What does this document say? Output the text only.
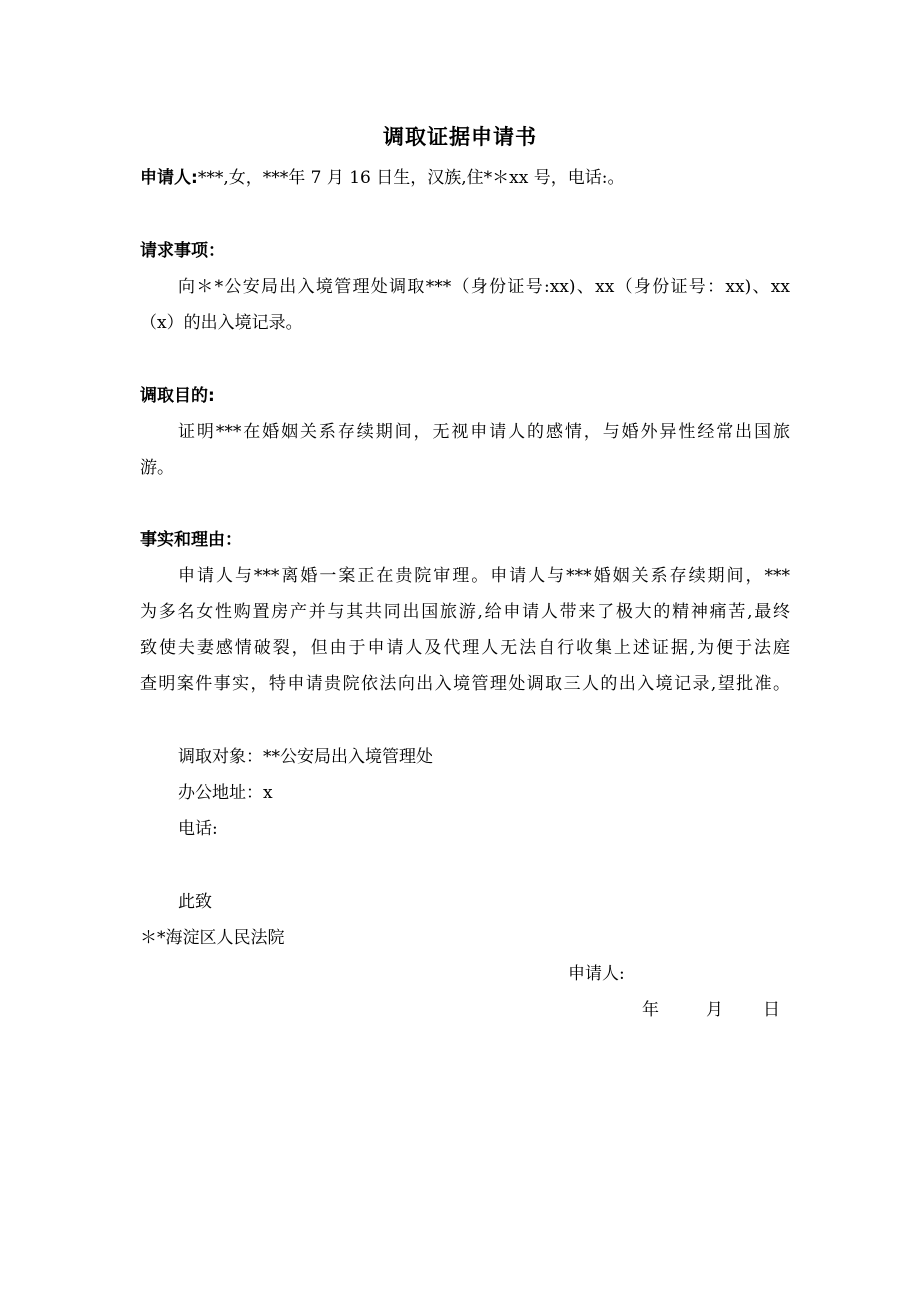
调取证据申请书
申请人:***,女，***年 7 月 16 日生，汉族,住*＊xx 号，电话:。
请求事项：
向＊*公安局出入境管理处调取***（身份证号:xx)、xx（身份证号：xx)、xx
（x）的出入境记录。
调取目的:
证明***在婚姻关系存续期间，无视申请人的感情，与婚外异性经常出国旅
游。
事实和理由：
申请人与***离婚一案正在贵院审理。申请人与***婚姻关系存续期间，***
为多名女性购置房产并与其共同出国旅游,给申请人带来了极大的精神痛苦,最终
致使夫妻感情破裂，但由于申请人及代理人无法自行收集上述证据,为便于法庭
查明案件事实，特申请贵院依法向出入境管理处调取三人的出入境记录,望批准。
调取对象：**公安局出入境管理处
办公地址：x
电话:
此致
＊*海淀区人民法院
申请人:
年	月 日
